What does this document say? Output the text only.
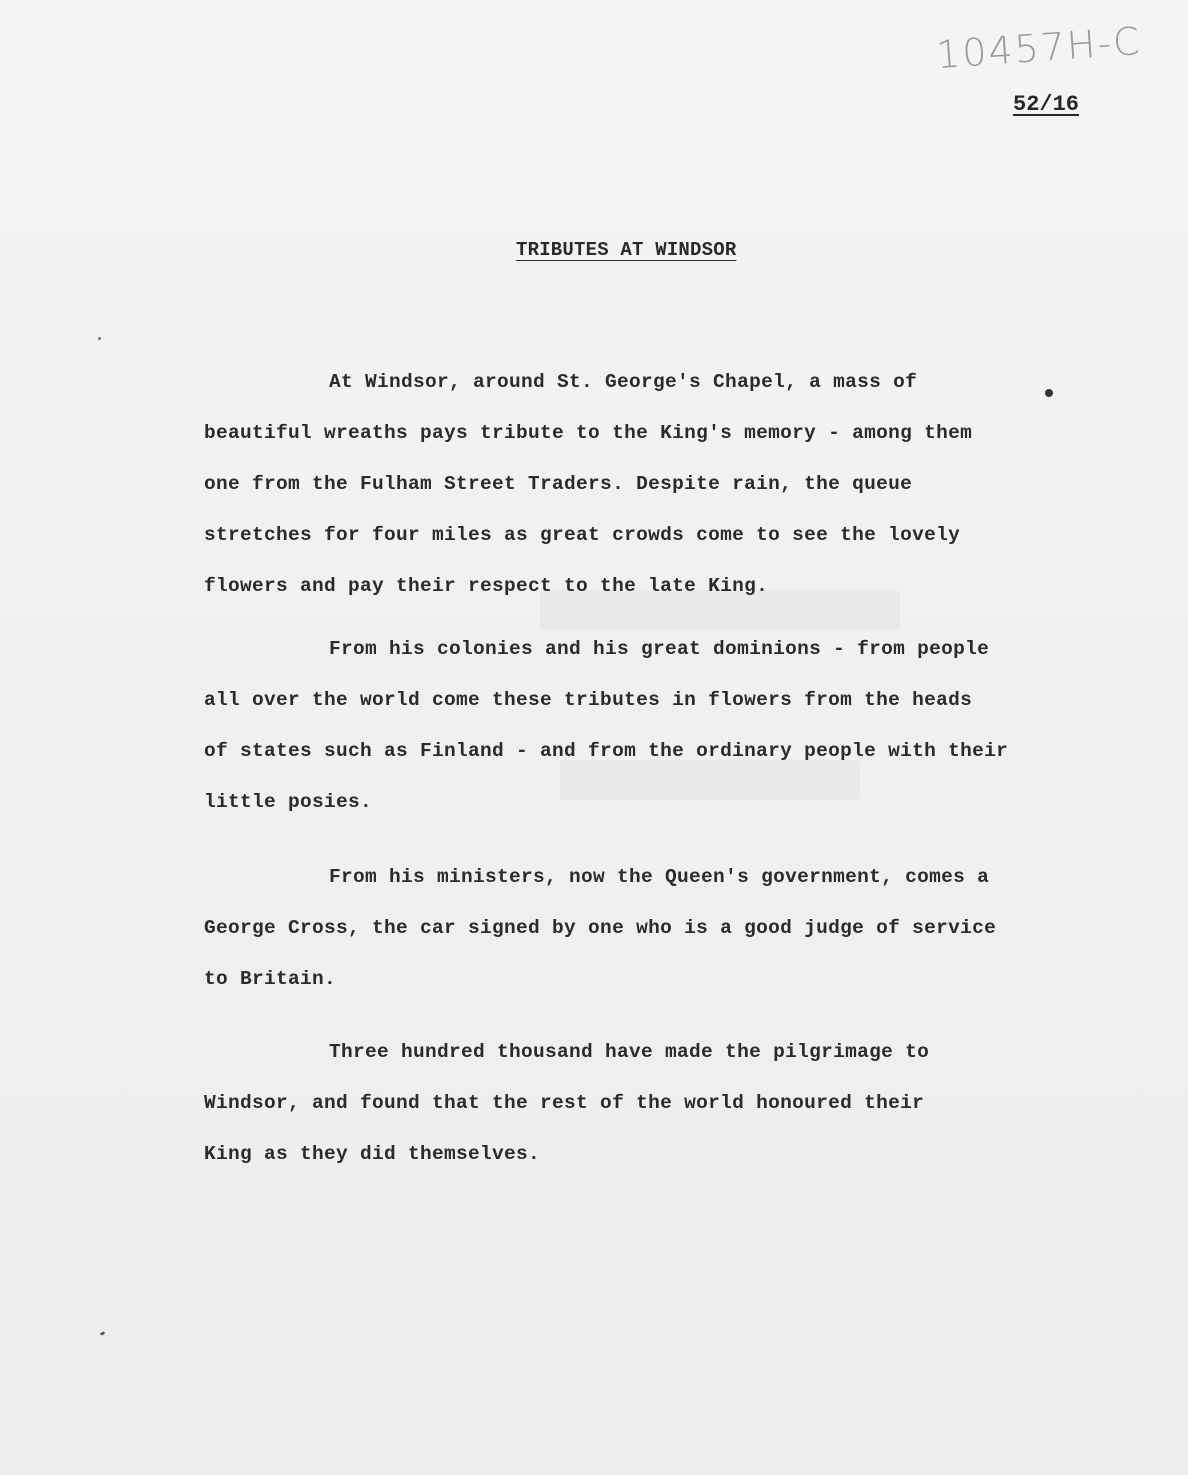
10457H-C
52/16
TRIBUTES AT WINDSOR
At Windsor, around St. George's Chapel, a mass of
beautiful wreaths pays tribute to the King's memory - among them
one from the Fulham Street Traders. Despite rain, the queue
stretches for four miles as great crowds come to see the lovely
flowers and pay their respect to the late King.
From his colonies and his great dominions - from people
all over the world come these tributes in flowers from the heads
of states such as Finland - and from the ordinary people with their
little posies.
From his ministers, now the Queen's government, comes a
George Cross, the car signed by one who is a good judge of service
to Britain.
Three hundred thousand have made the pilgrimage to
Windsor, and found that the rest of the world honoured their
King as they did themselves.
